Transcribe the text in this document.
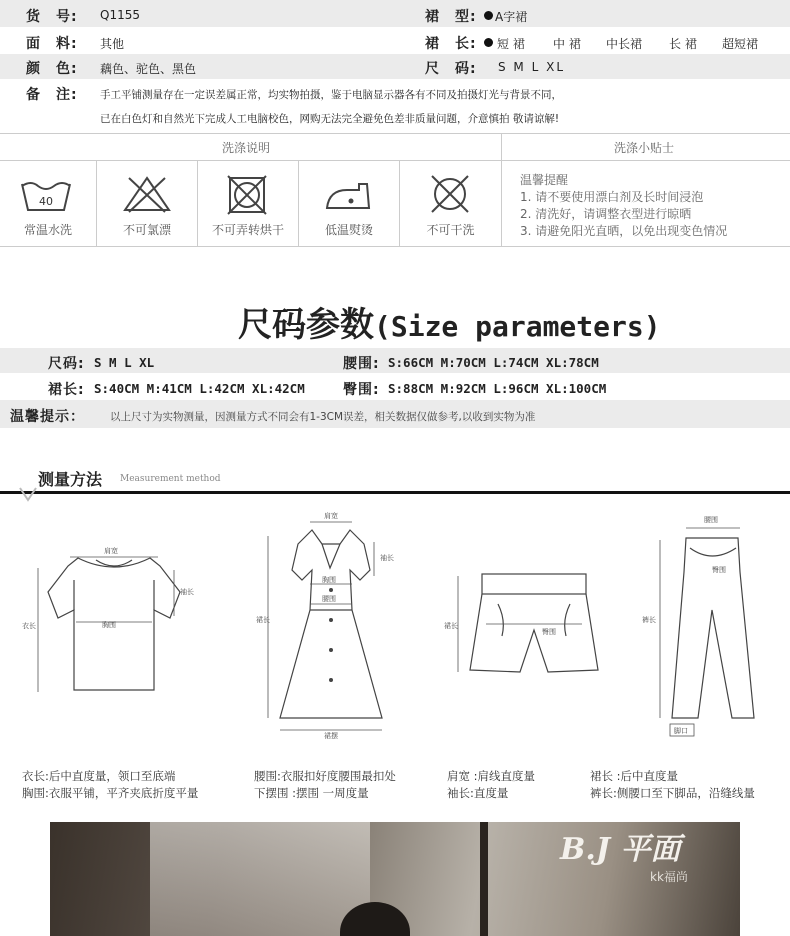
货　号: Q1155
面　料: 其他
颜　色: 藕色、驼色、黑色
备　注: 手工平铺测量存在一定误差属正常，均实物拍摄，鉴于电脑显示器各有不同及拍摄灯光与背景不同，
已在白色灯和自然光下完成人工电脑校色，网购无法完全避免色差非质量问题，介意慎拍 敬请谅解!
裙　型: A字裙
裙　长: 短 裙 中 裙 中长裙 长 裙 超短裙
尺　码: S M L XL
洗涤说明	洗涤小贴士
40
常温水洗	不可氯漂	不可弄转烘干	低温熨烫	不可干洗
温馨提醒
1. 请不要使用漂白剂及长时间浸泡
2. 清洗好，请调整衣型进行晾晒
3. 请避免阳光直晒，以免出现变色情况
尺码参数(Size parameters)
尺码: S M L XL	腰围: S:66CM M:70CM L:74CM XL:78CM
裙长: S:40CM M:41CM L:42CM XL:42CM	臀围: S:88CM M:92CM L:96CM XL:100CM
温馨提示： 以上尺寸为实物测量，因测量方式不同会有1-3CM误差，相关数据仅做参考,以收到实物为准
测量方法 Measurement method
肩宽
衣长	胸围
袖长
肩宽
裙长
裙摆
袖长
胸围
腰围
裙长
臀围
腰围
臀围
裤长
脚口
衣长:后中直度量，领口至底端
胸围:衣服平铺，平齐夹底折度平量
腰围:衣服扣好度腰围最扣处
下摆围 :摆围 一周度量
肩宽 :肩线直度量
袖长:直度量
裙长 :后中直度量
裤长:侧腰口至下脚品，沿缝线量
B.J 平面
kk福尚
